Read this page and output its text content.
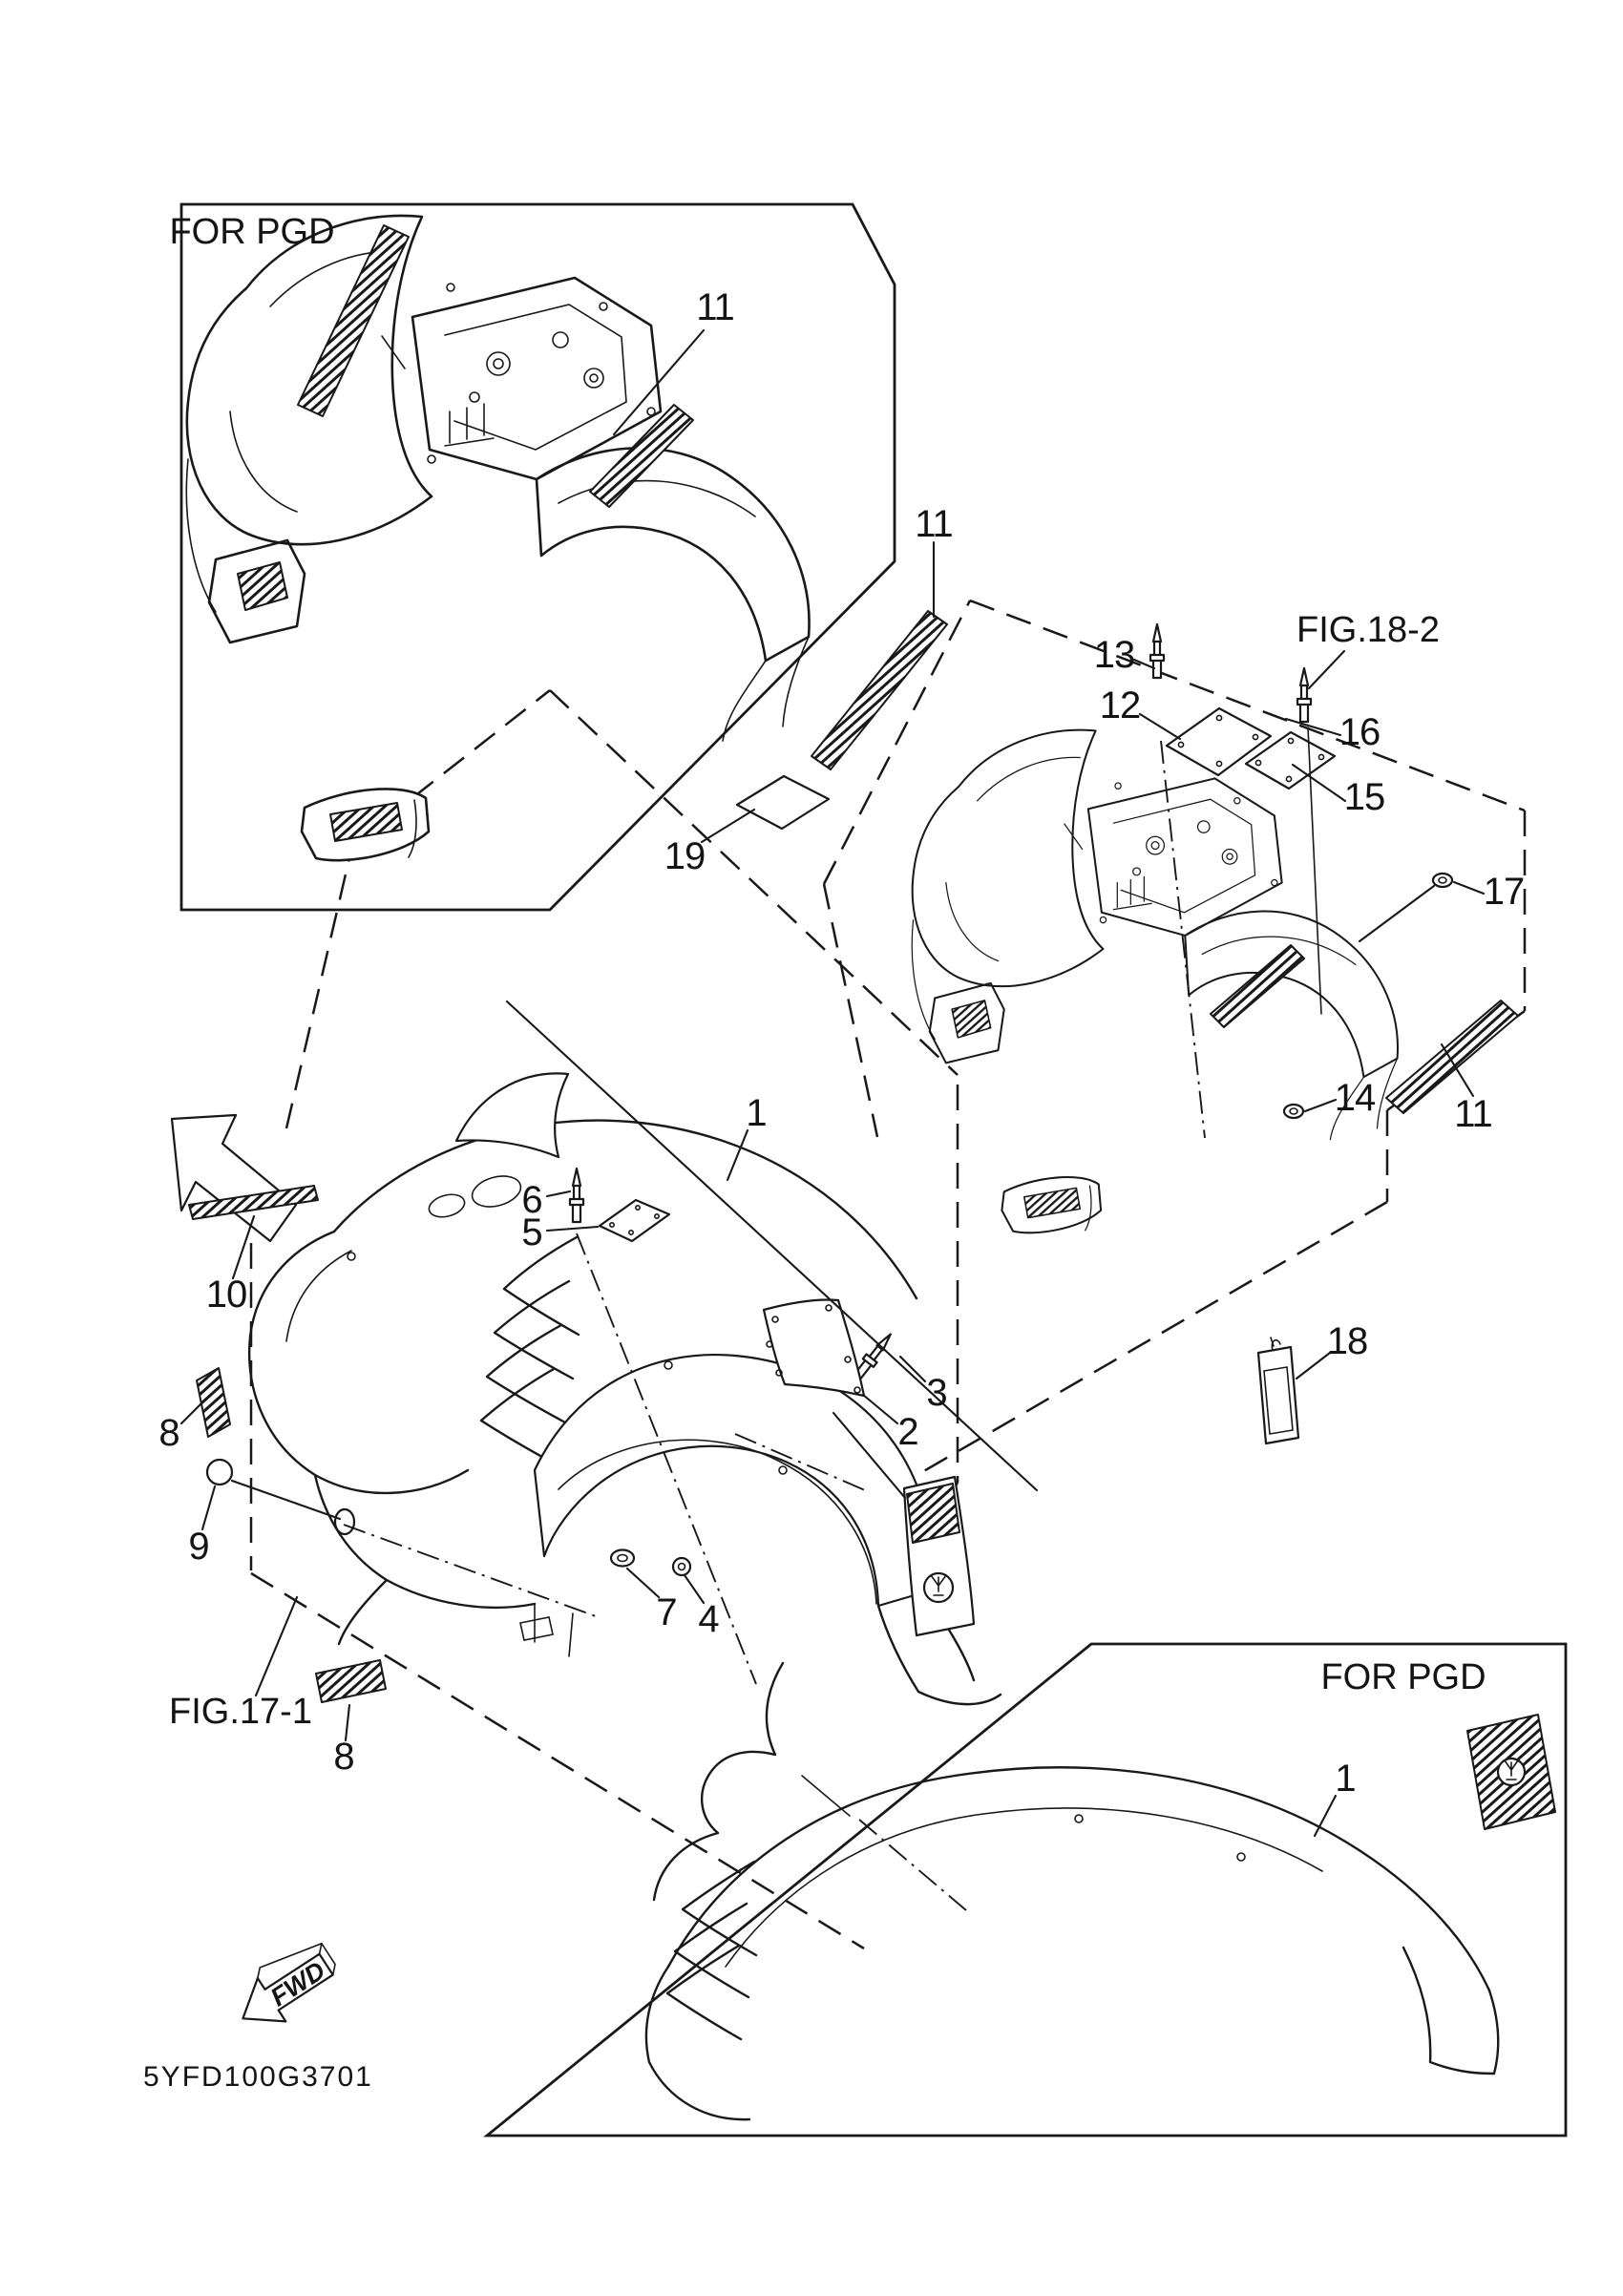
FWD
FOR PGD
FOR PGD
FIG.18-2
FIG.17-1
11
11
11
13
12
16
15
17
19
14
18
1
1
6
5
10
8
8
9
3
2
7 4
5YFD100G3701
